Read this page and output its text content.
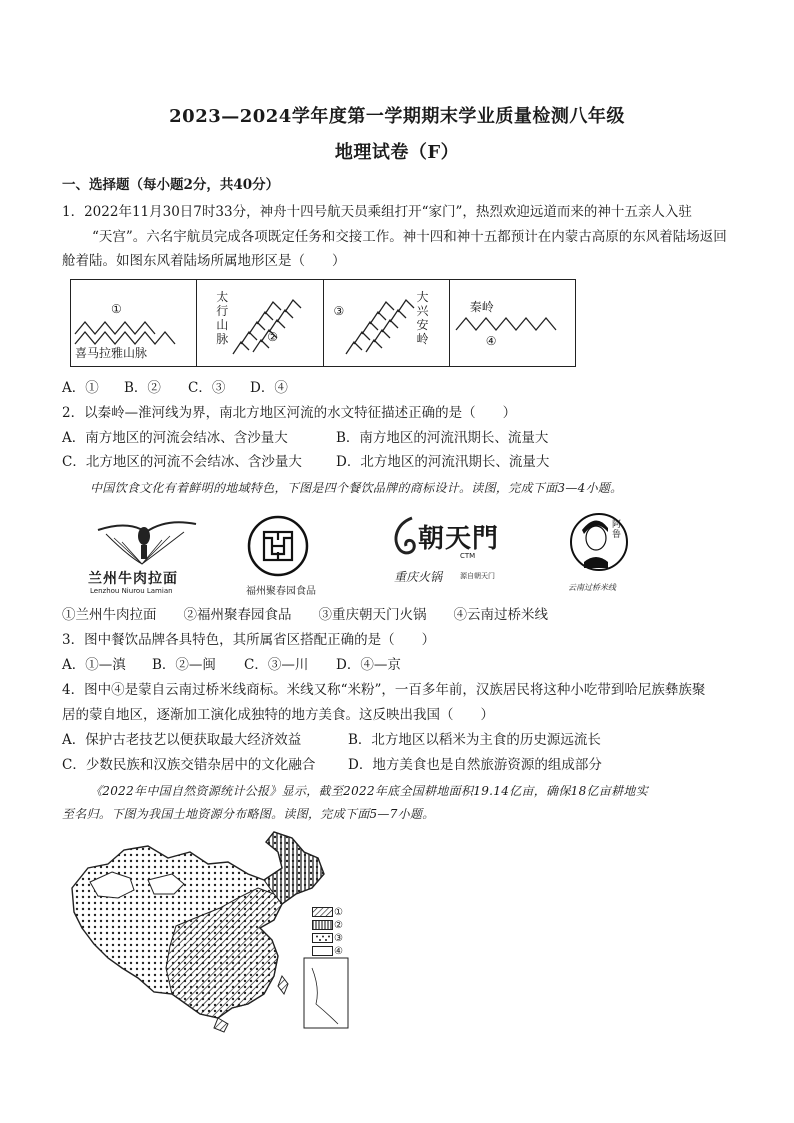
2023—2024学年度第一学期期末学业质量检测八年级
地理试卷（F）
一、选择题（每小题2分，共40分）
1．2022年11月30日7时33分，神舟十四号航天员乘组打开“家门”，热烈欢迎远道而来的神十五亲人入驻
“天宫”。六名宇航员完成各项既定任务和交接工作。神十四和神十五都预计在内蒙古高原的东风着陆场返回
舱着陆。如图东风着陆场所属地形区是（　　）
①
喜马拉雅山脉
太行山脉	②
③
大兴安岭
秦岭
④
A．① B．② C．③ D．④
2．以秦岭—淮河线为界，南北方地区河流的水文特征描述正确的是（　　）
A．南方地区的河流会结冰、含沙量大	B．南方地区的河流汛期长、流量大
C．北方地区的河流不会结冰、含沙量大	D．北方地区的河流汛期长、流量大
中国饮食文化有着鲜明的地域特色，下图是四个餐饮品牌的商标设计。读图，完成下面3—4小题。
兰州牛肉拉面
Lenzhou Niurou Lamian	福州聚春园食品
朝天門
CTM
重庆火锅	源自朝天门
阿鲁
云南过桥米线
①兰州牛肉拉面　　②福州聚春园食品　　③重庆朝天门火锅　　④云南过桥米线
3．图中餐饮品牌各具特色，其所属省区搭配正确的是（　　）
A．①—滇 B．②—闽 C．③—川 D．④—京
4．图中④是蒙自云南过桥米线商标。米线又称“米粉”，一百多年前，汉族居民将这种小吃带到哈尼族彝族聚
居的蒙自地区，逐渐加工演化成独特的地方美食。这反映出我国（　　）
A．保护古老技艺以便获取最大经济效益	B．北方地区以稻米为主食的历史源远流长
C．少数民族和汉族交错杂居中的文化融合 D．地方美食也是自然旅游资源的组成部分
《2022年中国自然资源统计公报》显示，截至2022年底全国耕地面积19.14亿亩，确保18亿亩耕地实
至名归。下图为我国土地资源分布略图。读图，完成下面5—7小题。
①
②
③
④
